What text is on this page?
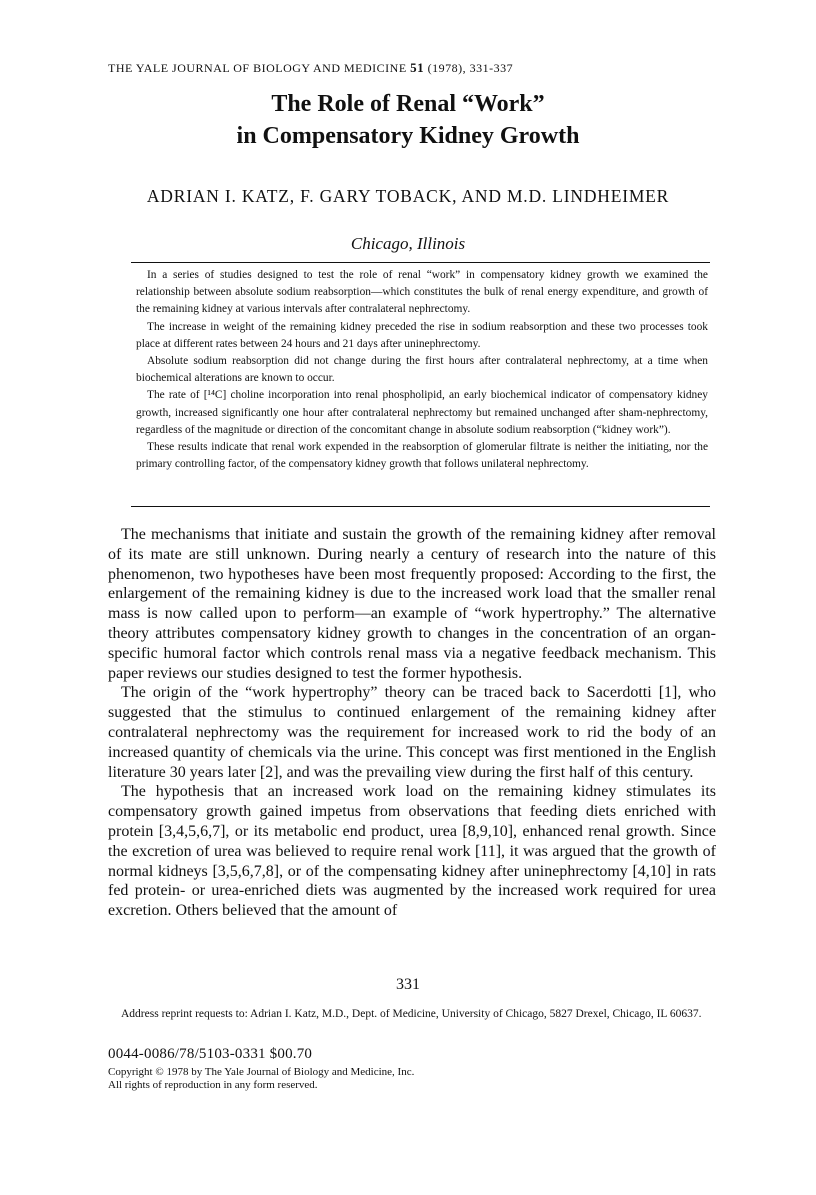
THE YALE JOURNAL OF BIOLOGY AND MEDICINE 51 (1978), 331-337
The Role of Renal “Work”
in Compensatory Kidney Growth
ADRIAN I. KATZ, F. GARY TOBACK, AND M.D. LINDHEIMER
Chicago, Illinois

In a series of studies designed to test the role of renal “work” in compensatory kidney growth we examined the relationship between absolute sodium reabsorption—which constitutes the bulk of renal energy expenditure, and growth of the remaining kidney at various intervals after contralateral nephrectomy.

The increase in weight of the remaining kidney preceded the rise in sodium reabsorption and these two processes took place at different rates between 24 hours and 21 days after uninephrectomy.

Absolute sodium reabsorption did not change during the first hours after contralateral nephrectomy, at a time when biochemical alterations are known to occur.

The rate of [¹⁴C] choline incorporation into renal phospholipid, an early biochemical indicator of compensatory kidney growth, increased significantly one hour after contralateral nephrectomy but remained unchanged after sham-nephrectomy, regardless of the magnitude or direction of the concomitant change in absolute sodium reabsorption (“kidney work”).

These results indicate that renal work expended in the reabsorption of glomerular filtrate is neither the initiating, nor the primary controlling factor, of the compensatory kidney growth that follows unilateral nephrectomy.

The mechanisms that initiate and sustain the growth of the remaining kidney after removal of its mate are still unknown. During nearly a century of research into the nature of this phenomenon, two hypotheses have been most frequently proposed: According to the first, the enlargement of the remaining kidney is due to the increased work load that the smaller renal mass is now called upon to perform—an example of “work hypertrophy.” The alternative theory attributes compensatory kidney growth to changes in the concentration of an organ-specific humoral factor which controls renal mass via a negative feedback mechanism. This paper reviews our studies designed to test the former hypothesis.

The origin of the “work hypertrophy” theory can be traced back to Sacerdotti [1], who suggested that the stimulus to continued enlargement of the remaining kidney after contralateral nephrectomy was the requirement for increased work to rid the body of an increased quantity of chemicals via the urine. This concept was first mentioned in the English literature 30 years later [2], and was the prevailing view during the first half of this century.

The hypothesis that an increased work load on the remaining kidney stimulates its compensatory growth gained impetus from observations that feeding diets enriched with protein [3,4,5,6,7], or its metabolic end product, urea [8,9,10], enhanced renal growth. Since the excretion of urea was believed to require renal work [11], it was argued that the growth of normal kidneys [3,5,6,7,8], or of the compensating kidney after uninephrectomy [4,10] in rats fed protein- or urea-enriched diets was augmented by the increased work required for urea excretion. Others believed that the amount of

331
Address reprint requests to: Adrian I. Katz, M.D., Dept. of Medicine, University of Chicago, 5827 Drexel, Chicago, IL 60637.
0044-0086/78/5103-0331 $00.70
Copyright © 1978 by The Yale Journal of Biology and Medicine, Inc.
All rights of reproduction in any form reserved.
